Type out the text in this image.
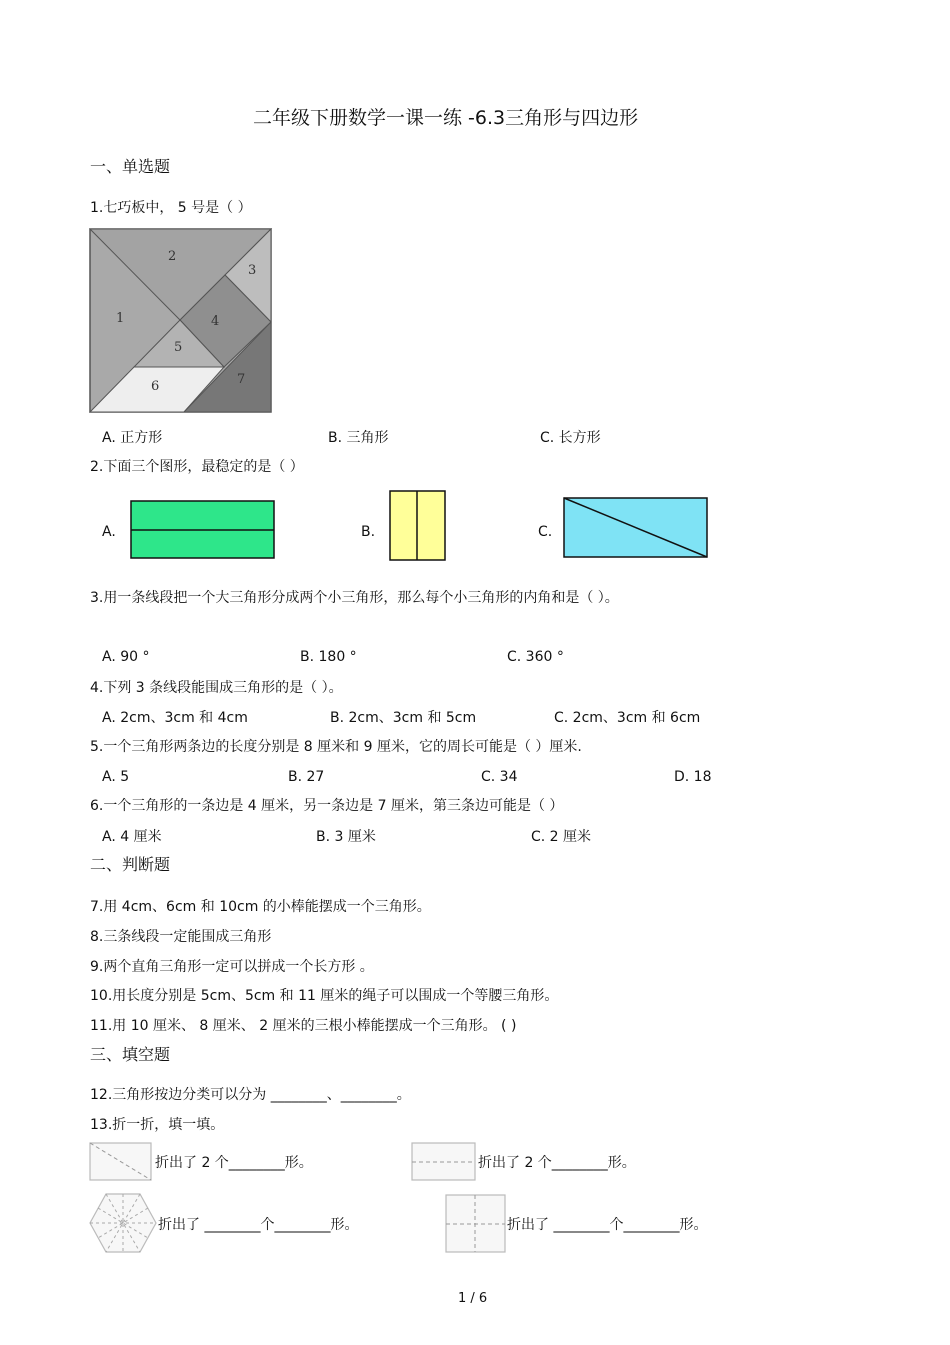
二年级下册数学一课一练 -6.3三角形与四边形
一、单选题
1.七巧板中， 5 号是（ ）
1
2
3
4
5
6	7
A. 正方形	B. 三角形	C. 长方形
2.下面三个图形，最稳定的是（ ）
A.	B.	C.
3.用一条线段把一个大三角形分成两个小三角形，那么每个小三角形的内角和是（ ）。
A. 90 °	B. 180 °	C. 360 °
4.下列 3 条线段能围成三角形的是（ ）。
A. 2cm、3cm 和 4cm	B. 2cm、3cm 和 5cm	C. 2cm、3cm 和 6cm
5.一个三角形两条边的长度分别是 8 厘米和 9 厘米，它的周长可能是（ ）厘米.
A. 5	B. 27	C. 34	D. 18
6.一个三角形的一条边是 4 厘米，另一条边是 7 厘米，第三条边可能是（ ）
A. 4 厘米	B. 3 厘米	C. 2 厘米
二、判断题
7.用 4cm、6cm 和 10cm 的小棒能摆成一个三角形。
8.三条线段一定能围成三角形
9.两个直角三角形一定可以拼成一个长方形 。
10.用长度分别是 5cm、5cm 和 11 厘米的绳子可以围成一个等腰三角形。
11.用 10 厘米、 8 厘米、 2 厘米的三根小棒能摆成一个三角形。 ( )
三、填空题
12.三角形按边分类可以分为 ________、________。
13.折一折，填一填。
折出了 2 个________形。	折出了 2 个________形。
折出了 ________个________形。	折出了 ________个________形。
1 / 6
